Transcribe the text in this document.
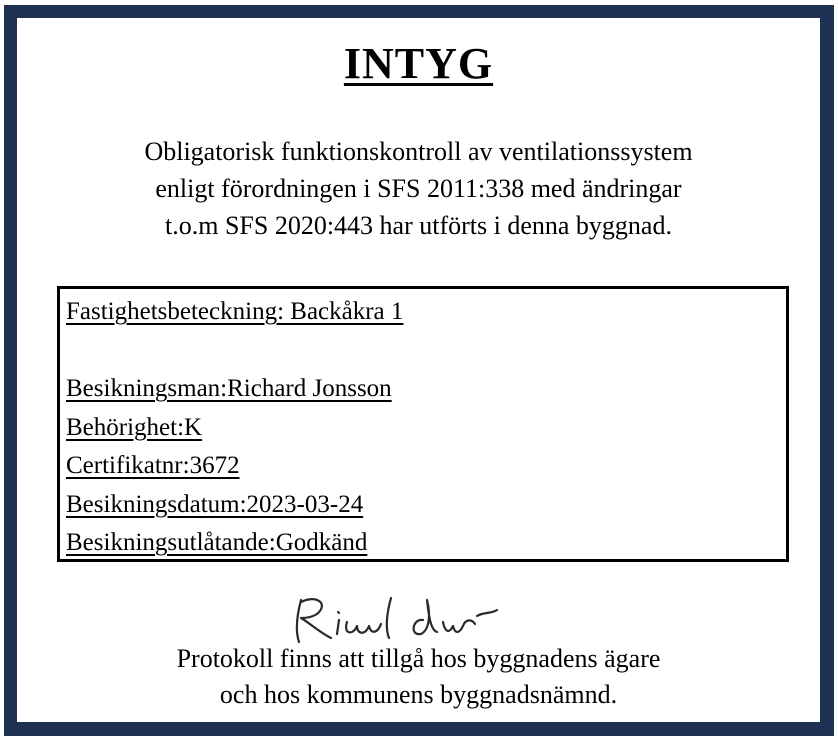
INTYG
Obligatorisk funktionskontroll av ventilationssystem
enligt förordningen i SFS 2011:338 med ändringar
t.o.m SFS 2020:443 har utförts i denna byggnad.
Fastighetsbeteckning: Backåkra 1
Besikningsman:Richard Jonsson
Behörighet:K
Certifikatnr:3672
Besikningsdatum:2023-03-24
Besikningsutlåtande:Godkänd
Protokoll finns att tillgå hos byggnadens ägare
och hos kommunens byggnadsnämnd.
